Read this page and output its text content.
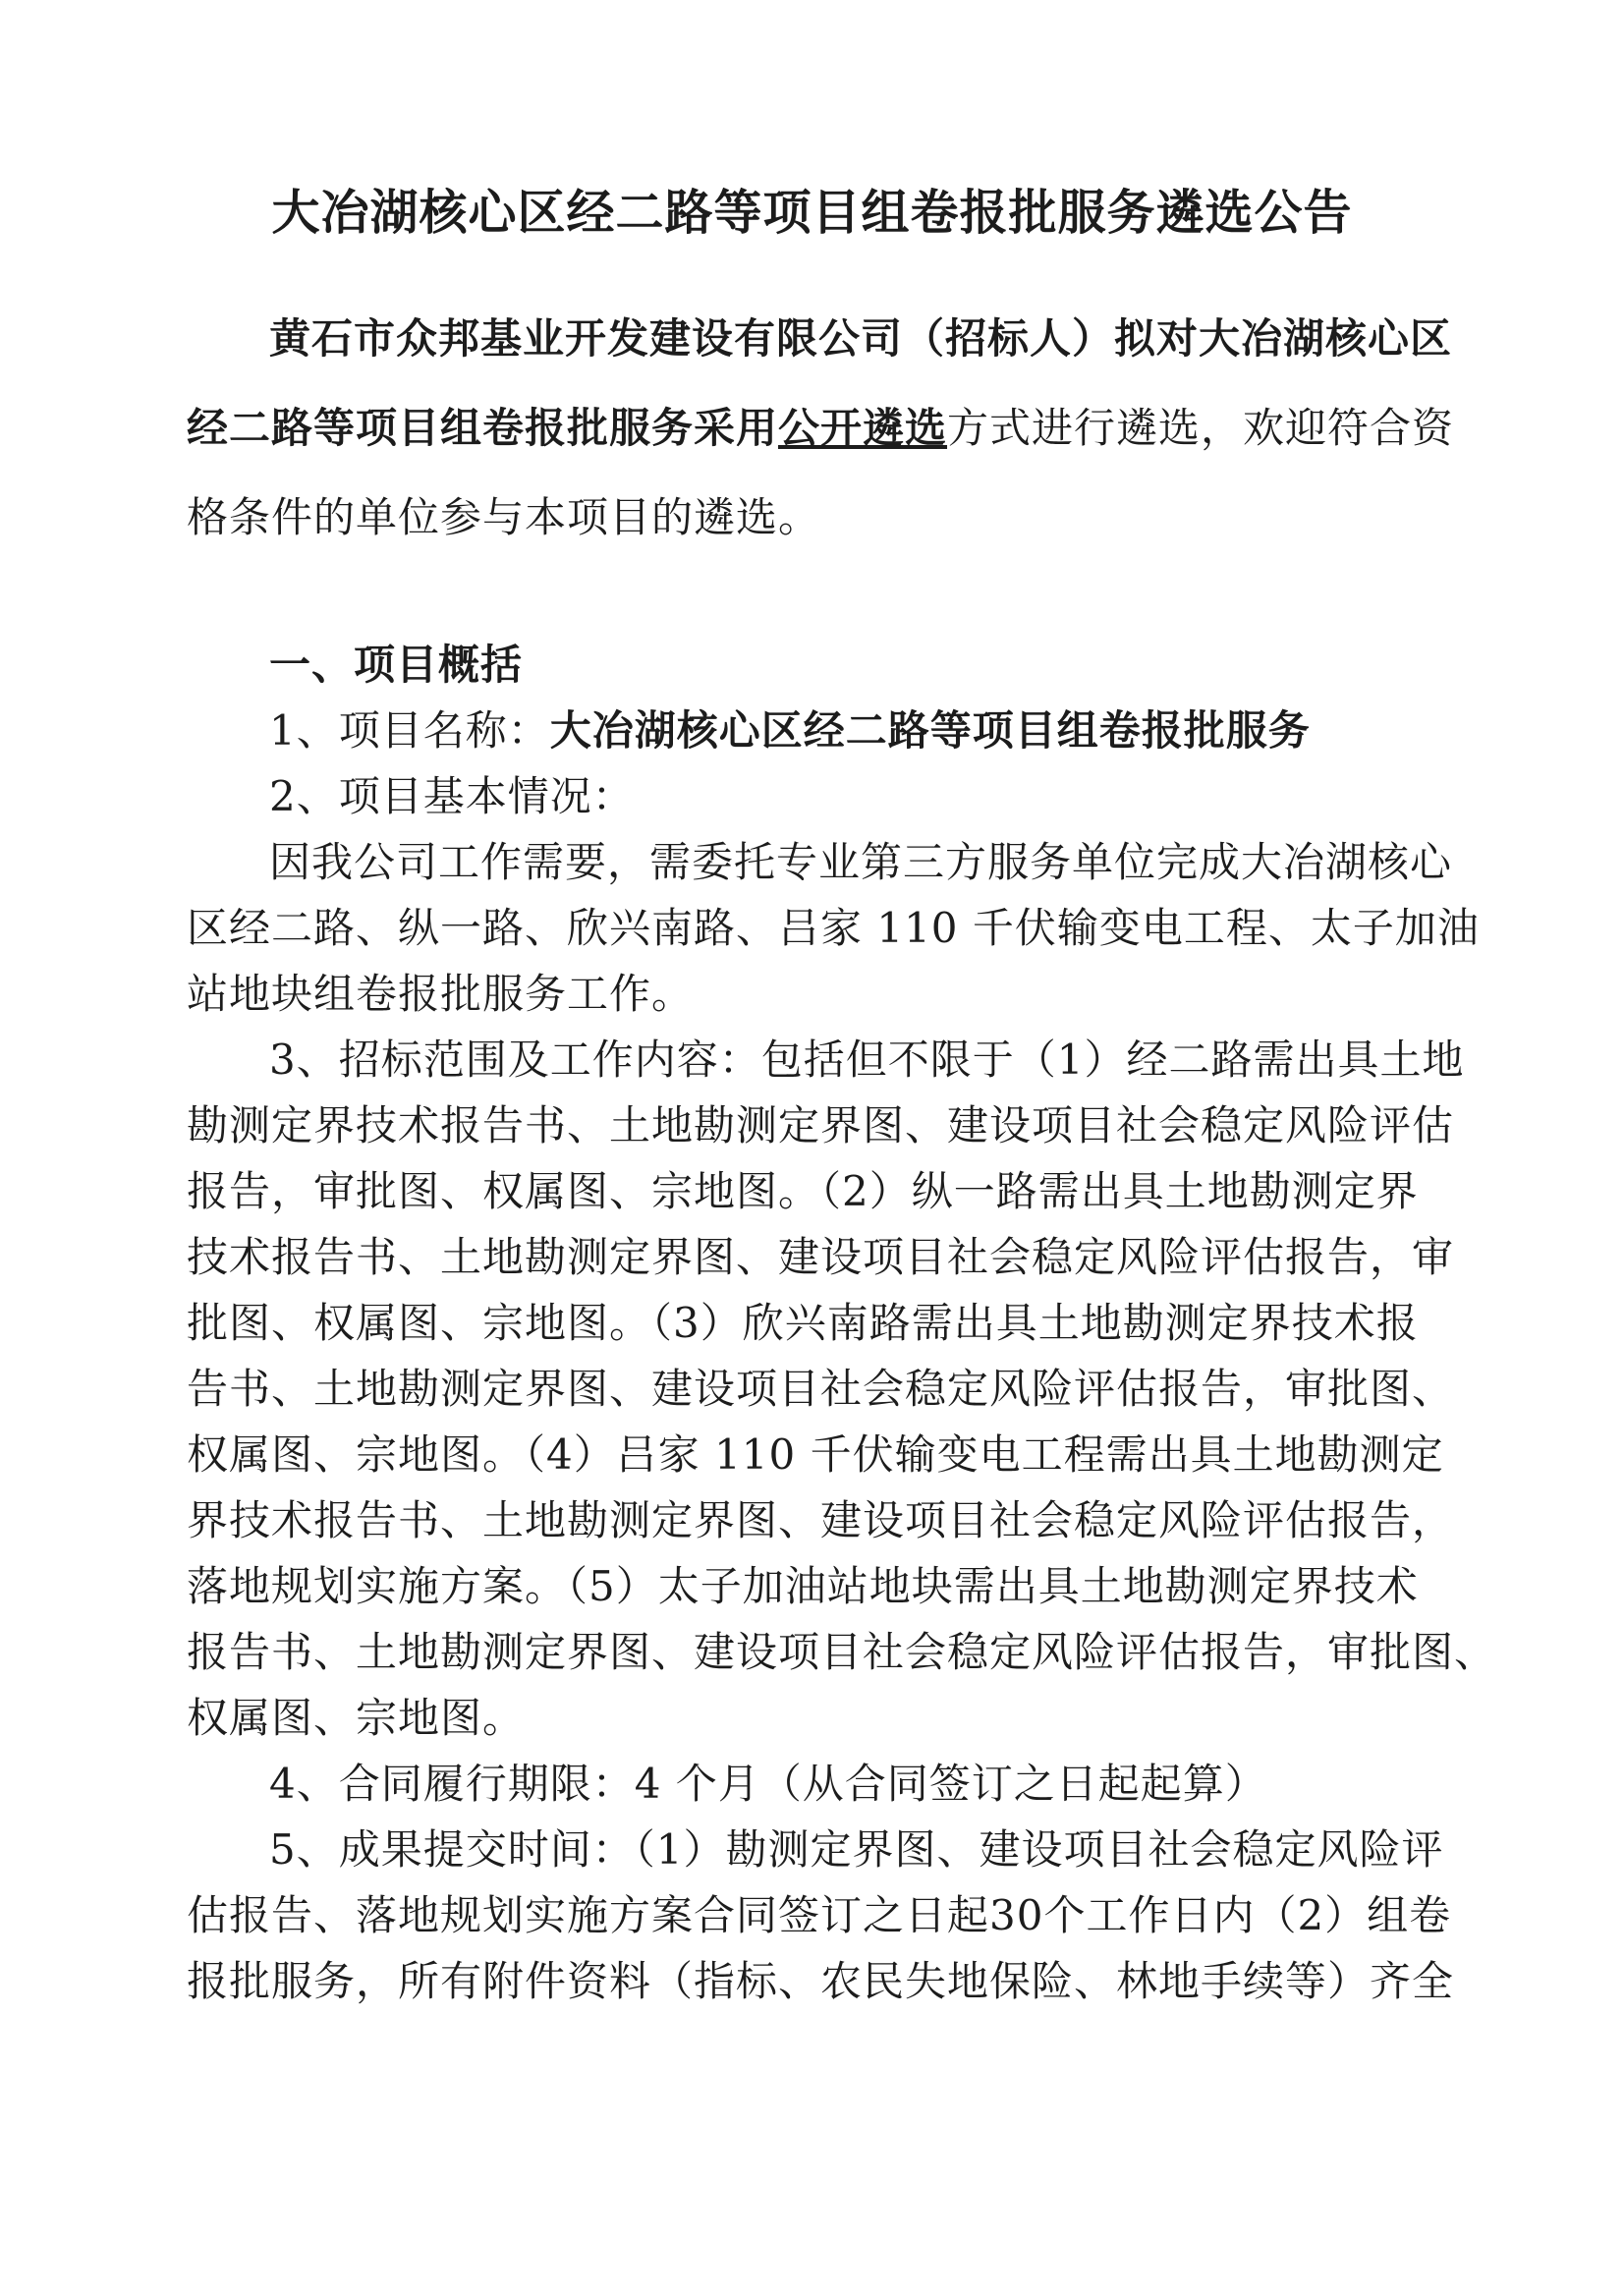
大冶湖核心区经二路等项目组卷报批服务遴选公告
黄石市众邦基业开发建设有限公司（招标人）拟对大冶湖核心区
经二路等项目组卷报批服务采用公开遴选方式进行遴选，欢迎符合资
格条件的单位参与本项目的遴选。
一、项目概括
1、项目名称：大冶湖核心区经二路等项目组卷报批服务
2、项目基本情况：
因我公司工作需要，需委托专业第三方服务单位完成大冶湖核心
区经二路、纵一路、欣兴南路、吕家 110 千伏输变电工程、太子加油
站地块组卷报批服务工作。
3、招标范围及工作内容：包括但不限于（1）经二路需出具土地
勘测定界技术报告书、土地勘测定界图、建设项目社会稳定风险评估
报告，审批图、权属图、宗地图。（2）纵一路需出具土地勘测定界
技术报告书、土地勘测定界图、建设项目社会稳定风险评估报告，审
批图、权属图、宗地图。（3）欣兴南路需出具土地勘测定界技术报
告书、土地勘测定界图、建设项目社会稳定风险评估报告，审批图、
权属图、宗地图。（4）吕家 110 千伏输变电工程需出具土地勘测定
界技术报告书、土地勘测定界图、建设项目社会稳定风险评估报告，
落地规划实施方案。（5）太子加油站地块需出具土地勘测定界技术
报告书、土地勘测定界图、建设项目社会稳定风险评估报告，审批图、
权属图、宗地图。
4、合同履行期限：4 个月（从合同签订之日起起算）
5、成果提交时间：（1）勘测定界图、建设项目社会稳定风险评
估报告、落地规划实施方案合同签订之日起30个工作日内（2）组卷
报批服务，所有附件资料（指标、农民失地保险、林地手续等）齐全
